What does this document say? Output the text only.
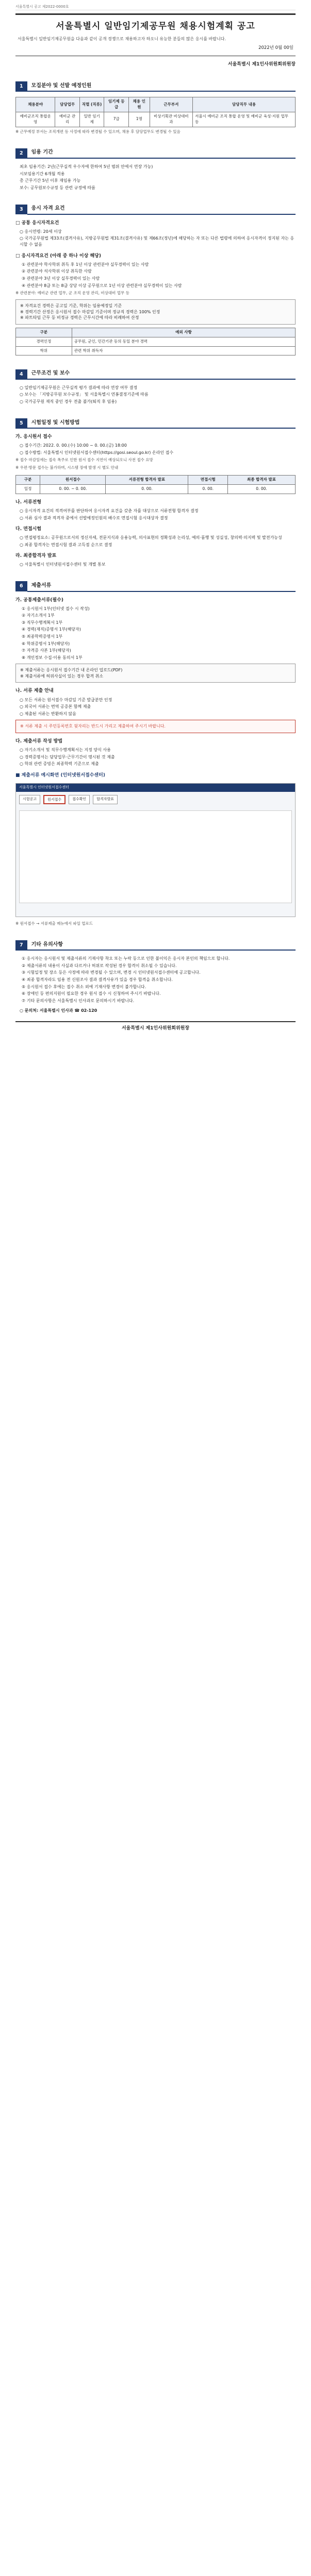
서울특별시 공고 제2022-0000호
서울특별시 일반임기제공무원 채용시험계획 공고
서울특별시 일반임기제공무원을 다음과 같이 공개 경쟁으로 채용하고자 하오니 유능한 분들의 많은 응시를 바랍니다.
2022년 0월 00일
서울특별시 제1인사위원회위원장
1	모집분야 및 선발 예정인원
채용분야	담당업무	직렬 (직류)	임기제 등급	채용 인원	근무부서	담당직무 내용
예비군조직 통합운영	예비군 관리	일반 임기제	7급	1명	비상기획관 비상대비과	서울시 예비군 조직 통합 운영 및 예비군 육성·지원 업무 등
※ 근무예정 부서는 조직개편 등 사정에 따라 변경될 수 있으며, 채용 후 담당업무도 변경될 수 있음
2	임용 기간
최초 임용기간: 2년(근무실적 우수자에 한하여 5년 범위 안에서 연장 가능)
시보임용기간 6개월 적용
총 근무기간 5년 이후 재임용 가능
보수: 공무원보수규정 등 관련 규정에 따름
3	응시 자격 요건
□ 공통 응시자격요건
○ 응시연령: 20세 이상
○ 국가공무원법 제33조(결격사유), 지방공무원법 제31조(결격사유) 및 제66조(정년)에 해당하는 자 또는 다른 법령에 의하여 응시자격이 정지된 자는 응시할 수 없음
□ 응시자격요건 (아래 중 하나 이상 해당)
① 관련분야 학사학위 취득 후 1년 이상 관련분야 실무경력이 있는 사람
② 관련분야 석사학위 이상 취득한 사람
③ 관련분야 3년 이상 실무경력이 있는 사람
④ 관련분야 8급 또는 8급 상당 이상 공무원으로 1년 이상 관련분야 실무경력이 있는 사람
※ 관련분야: 예비군 관련 업무, 군 조직 운영 관리, 비상대비 업무 등
※ 자격요건 경력은 공고일 기준, 학위는 임용예정일 기준
※ 경력기간 산정은 응시원서 접수 마감일 기준이며 정규직 경력은 100% 인정
※ 파트타임 근무 등 비정규 경력은 근무시간에 따라 비례하여 산정
구분	예외 사항
경력인정	공무원, 군인, 민간기관 등의 동일 분야 경력
학위	관련 학위 취득자
4	근무조건 및 보수
○ 일반임기제공무원은 근무실적 평가 결과에 따라 연장 여부 결정
○ 보수는 「지방공무원 보수규정」 및 서울특별시 연봉결정기준에 따름
○ 국가공무원 재직 중인 경우 전출 불가(퇴직 후 임용)
5	시험일정 및 시험방법
가. 응시원서 접수
○ 접수기간: 2022. 0. 00.(수) 10:00 ~ 0. 00.(금) 18:00
○ 접수방법: 서울특별시 인터넷원서접수센터(https://gosi.seoul.go.kr) 온라인 접수
※ 접수 마감일에는 접속 폭주로 인한 원서 접수 지연이 예상되오니 사전 접수 요망
※ 우편·방문 접수는 불가하며, 시스템 장애 발생 시 별도 안내
구분	원서접수	서류전형 합격자 발표	면접시험	최종 합격자 발표
일정	0. 00. ~ 0. 00.	0. 00.	0. 00.	0. 00.
나. 서류전형
○ 응시자격 요건의 적격여부를 판단하여 응시자격 요건을 갖춘 자를 대상으로 서류전형 합격자 결정
○ 서류 심사 결과 적격자 중에서 선발예정인원의 배수로 면접시험 응시대상자 결정
다. 면접시험
○ 면접평정요소: 공무원으로서의 정신자세, 전문지식과 응용능력, 의사표현의 정확성과 논리성, 예의·품행 및 성실성, 창의력·의지력 및 발전가능성
○ 최종 합격자는 면접시험 결과 고득점 순으로 결정
라. 최종합격자 발표
○ 서울특별시 인터넷원서접수센터 및 개별 통보
6	제출서류
가. 공통제출서류(필수)
① 응시원서 1부(인터넷 접수 시 작성)
② 자기소개서 1부
③ 직무수행계획서 1부
④ 경력(재직)증명서 1부(해당자)
⑤ 최종학력증명서 1부
⑥ 학위증명서 1부(해당자)
⑦ 자격증 사본 1부(해당자)
⑧ 개인정보 수집·이용 동의서 1부
※ 제출서류는 응시원서 접수기간 내 온라인 업로드(PDF)
※ 제출서류에 허위사실이 있는 경우 합격 취소
나. 서류 제출 안내
○ 모든 서류는 원서접수 마감일 기준 발급분만 인정
○ 외국어 서류는 번역 공증본 함께 제출
○ 제출된 서류는 반환하지 않음
※ 서류 제출 시 주민등록번호 뒷자리는 반드시 가리고 제출하여 주시기 바랍니다.
다. 제출서류 작성 방법
○ 자기소개서 및 직무수행계획서는 지정 양식 사용
○ 경력증명서는 담당업무·근무기간이 명시된 것 제출
○ 학위 관련 증빙은 최종학력 기준으로 제출
■ 제출서류 예시화면 (인터넷원서접수센터)
서울특별시 인터넷원서접수센터
시험공고	원서접수	접수확인	합격자발표
※ 원서접수 → 서류제출 메뉴에서 파일 업로드
7	기타 유의사항
① 응시자는 응시원서 및 제출서류의 기재사항 착오 또는 누락 등으로 인한 불이익은 응시자 본인의 책임으로 합니다.
② 제출서류의 내용이 사실과 다르거나 허위로 작성된 경우 합격이 취소될 수 있습니다.
③ 시험일정 및 장소 등은 사정에 따라 변경될 수 있으며, 변경 시 인터넷원서접수센터에 공고합니다.
④ 최종 합격자라도 임용 전 신원조사 결과 결격사유가 있을 경우 합격을 취소합니다.
⑤ 응시원서 접수 후에는 접수 취소 외에 기재사항 변경이 불가합니다.
⑥ 장애인 등 편의지원이 필요한 경우 원서 접수 시 신청하여 주시기 바랍니다.
⑦ 기타 문의사항은 서울특별시 인사과로 문의하시기 바랍니다.
○ 문의처: 서울특별시 인사과 ☎ 02-120
서울특별시 제1인사위원회위원장
